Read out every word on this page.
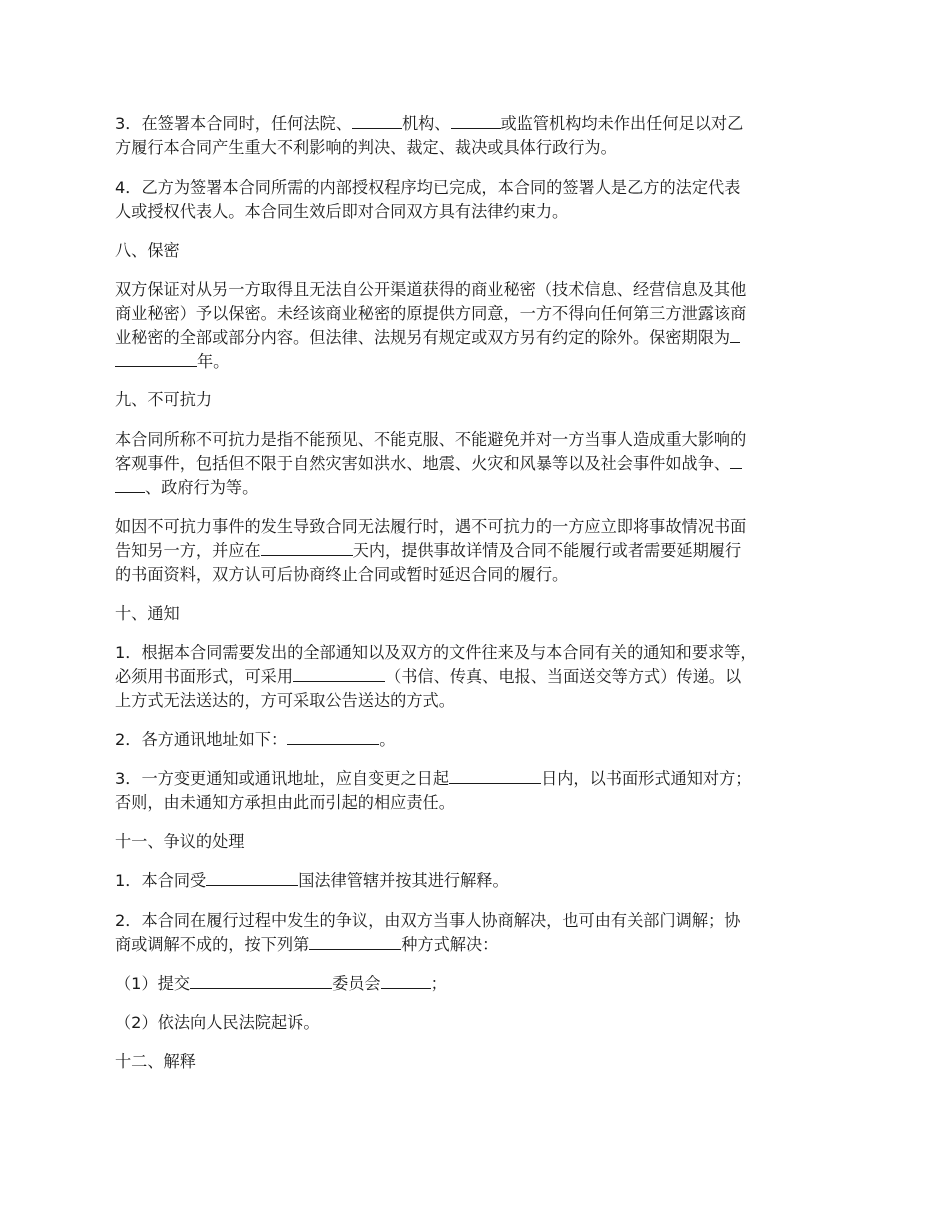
3．在签署本合同时，任何法院、	机构、	或监管机构均未作出任何足以对乙

方履行本合同产生重大不利影响的判决、裁定、裁决或具体行政行为。

4．乙方为签署本合同所需的内部授权程序均已完成，本合同的签署人是乙方的法定代表

人或授权代表人。本合同生效后即对合同双方具有法律约束力。

八、保密

双方保证对从另一方取得且无法自公开渠道获得的商业秘密（技术信息、经营信息及其他

商业秘密）予以保密。未经该商业秘密的原提供方同意，一方不得向任何第三方泄露该商

业秘密的全部或部分内容。但法律、法规另有规定或双方另有约定的除外。保密期限为

年。

九、不可抗力

本合同所称不可抗力是指不能预见、不能克服、不能避免并对一方当事人造成重大影响的

客观事件，包括但不限于自然灾害如洪水、地震、火灾和风暴等以及社会事件如战争、

、政府行为等。

如因不可抗力事件的发生导致合同无法履行时，遇不可抗力的一方应立即将事故情况书面

告知另一方，并应在	天内，提供事故详情及合同不能履行或者需要延期履行

的书面资料，双方认可后协商终止合同或暂时延迟合同的履行。

十、通知

1．根据本合同需要发出的全部通知以及双方的文件往来及与本合同有关的通知和要求等，

必须用书面形式，可采用	（书信、传真、电报、当面送交等方式）传递。以

上方式无法送达的，方可采取公告送达的方式。

2．各方通讯地址如下：	。

3．一方变更通知或通讯地址，应自变更之日起	日内，以书面形式通知对方；

否则，由未通知方承担由此而引起的相应责任。

十一、争议的处理

1．本合同受	国法律管辖并按其进行解释。

2．本合同在履行过程中发生的争议，由双方当事人协商解决，也可由有关部门调解；协

商或调解不成的，按下列第	种方式解决：

（1）提交	委员会	；

（2）依法向人民法院起诉。

十二、解释
